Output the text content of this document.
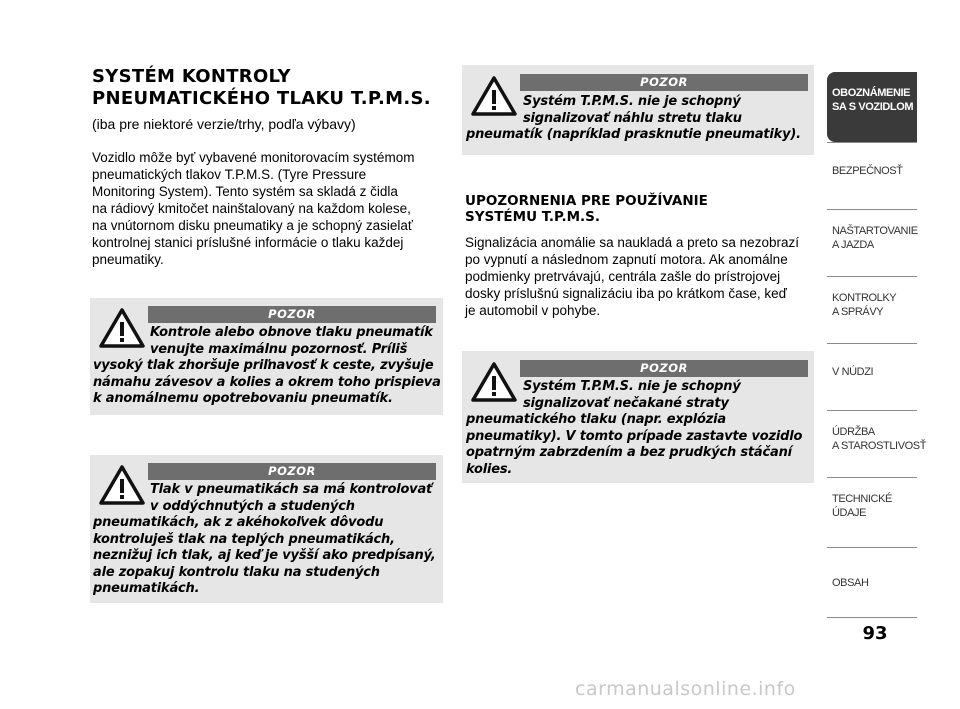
SYSTÉM KONTROLY
PNEUMATICKÉHO TLAKU T.P.M.S.
(iba pre niektoré verzie/trhy, podľa výbavy)
Vozidlo môže byť vybavené monitorovacím systémom
pneumatických tlakov T.P.M.S. (Tyre Pressure
Monitoring System). Tento systém sa skladá z čidla
na rádiový kmitočet nainštalovaný na každom kolese,
na vnútornom disku pneumatiky a je schopný zasielať
kontrolnej stanici príslušné informácie o tlaku každej
pneumatiky.
POZOR
Kontrole alebo obnove tlaku pneumatík
venujte maximálnu pozornosť. Príliš
vysoký tlak zhoršuje priľnavosť k ceste, zvyšuje
námahu závesov a kolies a okrem toho prispieva
k anomálnemu opotrebovaniu pneumatík.
POZOR
Tlak v pneumatikách sa má kontrolovať
v oddýchnutých a studených
pneumatikách, ak z akéhokoľvek dôvodu
kontroluješ tlak na teplých pneumatikách,
neznižuj ich tlak, aj keď je vyšší ako predpísaný,
ale zopakuj kontrolu tlaku na studených
pneumatikách.
POZOR
Systém T.P.M.S. nie je schopný
signalizovať náhlu stretu tlaku
pneumatík (napríklad prasknutie pneumatiky).
UPOZORNENIA PRE POUŽÍVANIE
SYSTÉMU T.P.M.S.
Signalizácia anomálie sa naukladá a preto sa nezobrazí
po vypnutí a následnom zapnutí motora. Ak anomálne
podmienky pretrvávajú, centrála zašle do prístrojovej
dosky príslušnú signalizáciu iba po krátkom čase, keď
je automobil v pohybe.
POZOR
Systém T.P.M.S. nie je schopný
signalizovať nečakané straty
pneumatického tlaku (napr. explózia
pneumatiky). V tomto prípade zastavte vozidlo
opatrným zabrzdením a bez prudkých stáčaní
kolies.
OBOZNÁMENIE
SA S VOZIDLOM
BEZPEČNOSŤ
NAŠTARTOVANIE
A JAZDA
KONTROLKY
A SPRÁVY
V NÚDZI
ÚDRŽBA
A STAROSTLIVOSŤ
TECHNICKÉ
ÚDAJE
OBSAH
93
carmanualsonline.info
